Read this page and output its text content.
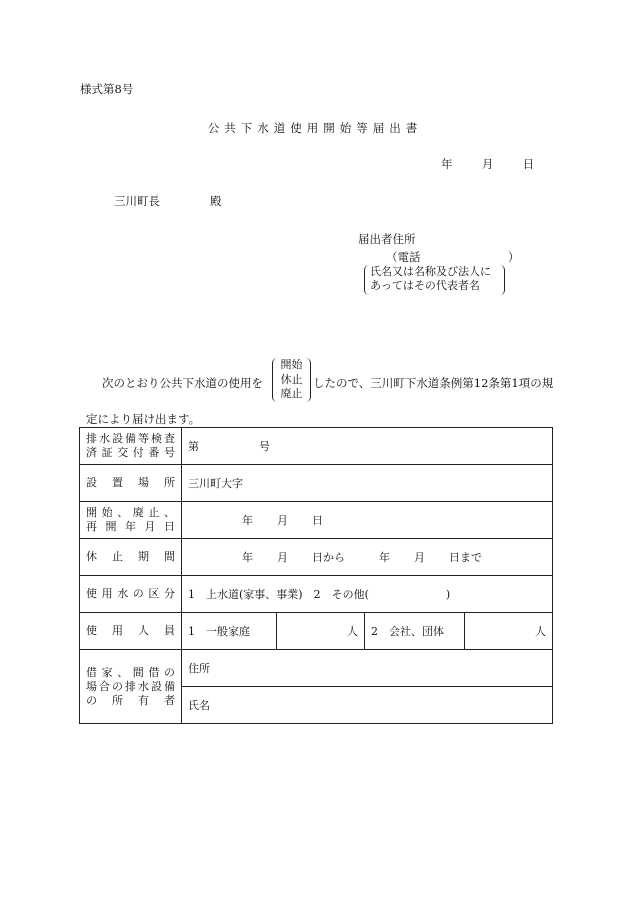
様式第8号
公共下水道使用開始等届出書
年	月	日
三川町長	殿
届出者住所
（電話	）
氏名又は名称及び法人に
あってはその代表者名
次のとおり公共下水道の使用を
開始
休止
廃止
したので、三川町下水道条例第12条第1項の規
定により届け出ます。
排水設備等検査
済証交付番号	第 号			
設置場所	三川町大字			

開始、廃止、
再開年月日	年 月 日			
休止期間	年 月 日から 年 月 日まで			
使用水の区分	1　上水道(家事、事業)　2　その他(　　　　　　　)			
使用人員	1　一般家庭	人	2　会社、団体	人

借家、間借の
場合の排水設備
の所有者	住所			
	氏名			
